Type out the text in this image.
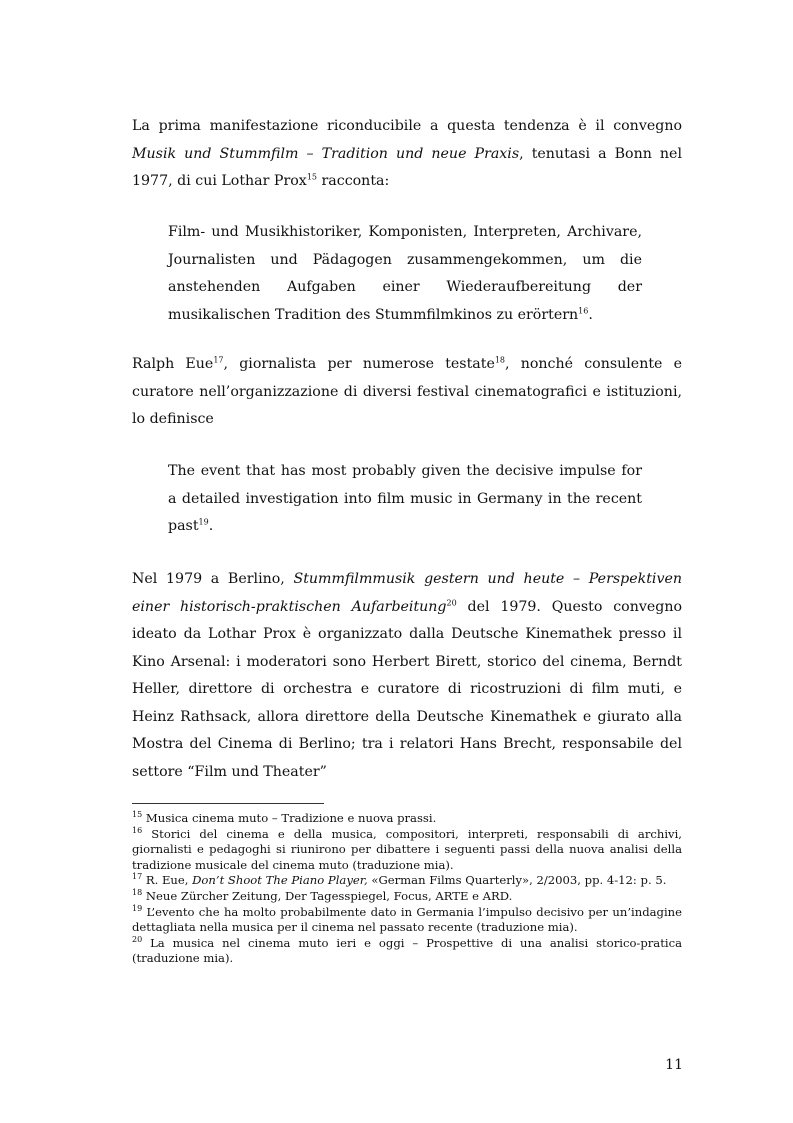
La prima manifestazione riconducibile a questa tendenza è il convegno Musik und Stummfilm – Tradition und neue Praxis, tenutasi a Bonn nel 1977, di cui Lothar Prox$^{15}$ racconta:

Film- und Musikhistoriker, Komponisten, Interpreten, Archivare, Journalisten und Pädagogen zusammengekommen, um die anstehenden Aufgaben einer Wiederaufbereitung der musikalischen Tradition des Stummfilmkinos zu erörtern$^{16}$.

Ralph Eue$^{17}$, giornalista per numerose testate$^{18}$, nonché consulente e curatore nell’organizzazione di diversi festival cinematografici e istituzioni, lo definisce

The event that has most probably given the decisive impulse for a detailed investigation into film music in Germany in the recent past$^{19}$.

Nel 1979 a Berlino, Stummfilmmusik gestern und heute – Perspektiven einer historisch-praktischen Aufarbeitung$^{20}$ del 1979. Questo convegno ideato da Lothar Prox è organizzato dalla Deutsche Kinemathek presso il Kino Arsenal: i moderatori sono Herbert Birett, storico del cinema, Berndt Heller, direttore di orchestra e curatore di ricostruzioni di film muti, e Heinz Rathsack, allora direttore della Deutsche Kinemathek e giurato alla Mostra del Cinema di Berlino; tra i relatori Hans Brecht, responsabile del settore “Film und Theater”

$^{15}$ Musica cinema muto – Tradizione e nuova prassi.

$^{16}$ Storici del cinema e della musica, compositori, interpreti, responsabili di archivi, giornalisti e pedagoghi si riunirono per dibattere i seguenti passi della nuova analisi della tradizione musicale del cinema muto (traduzione mia).

$^{17}$ R. Eue, Don’t Shoot The Piano Player, «German Films Quarterly», 2/2003, pp. 4-12: p. 5.

$^{18}$ Neue Zürcher Zeitung, Der Tagesspiegel, Focus, ARTE e ARD.

$^{19}$ L’evento che ha molto probabilmente dato in Germania l’impulso decisivo per un’indagine dettagliata nella musica per il cinema nel passato recente (traduzione mia).

$^{20}$ La musica nel cinema muto ieri e oggi – Prospettive di una analisi storico-pratica (traduzione mia).

11
